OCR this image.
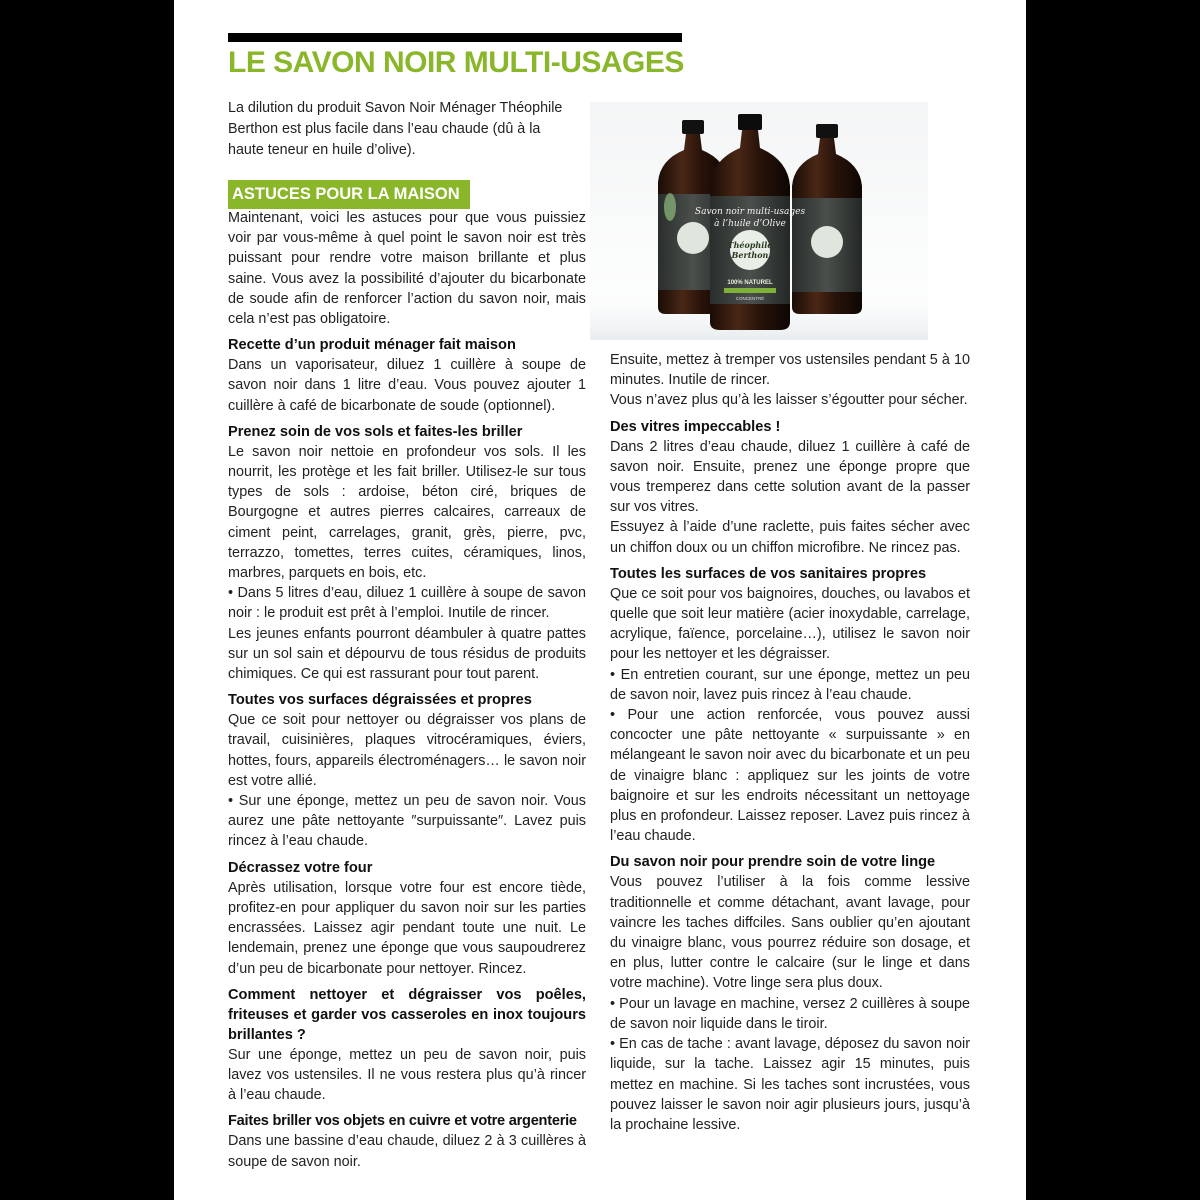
LE SAVON NOIR MULTI-USAGES

La dilution du produit Savon Noir Ménager Théophile Berthon est plus facile dans l’eau chaude (dû à la haute teneur en huile d’olive).

ASTUCES POUR LA MAISON
Savon noir multi-usages
à l’huile d’Olive
Théophile
Berthon
100% NATUREL
CONCENTRÉ

Maintenant, voici les astuces pour que vous puissiez voir par vous-même à quel point le savon noir est très puissant pour rendre votre maison brillante et plus saine. Vous avez la possibilité d’ajouter du bicarbonate de soude afin de renforcer l’action du savon noir, mais cela n’est pas obligatoire.

Recette d’un produit ménager fait maison

Dans un vaporisateur, diluez 1 cuillère à soupe de savon noir dans 1 litre d’eau. Vous pouvez ajouter 1 cuillère à café de bicarbonate de soude (optionnel).

Prenez soin de vos sols et faites-les briller

Le savon noir nettoie en profondeur vos sols. Il les nourrit, les protège et les fait briller. Utilisez-le sur tous types de sols : ardoise, béton ciré, briques de Bourgogne et autres pierres calcaires, carreaux de ciment peint, carrelages, granit, grès, pierre, pvc, terrazzo, tomettes, terres cuites, céramiques, linos, marbres, parquets en bois, etc.

• Dans 5 litres d’eau, diluez 1 cuillère à soupe de savon noir : le produit est prêt à l’emploi. Inutile de rincer.

Les jeunes enfants pourront déambuler à quatre pattes sur un sol sain et dépourvu de tous résidus de produits chimiques. Ce qui est rassurant pour tout parent.

Toutes vos surfaces dégraissées et propres

Que ce soit pour nettoyer ou dégraisser vos plans de travail, cuisinières, plaques vitrocéramiques, éviers, hottes, fours, appareils électroménagers… le savon noir est votre allié.

• Sur une éponge, mettez un peu de savon noir. Vous aurez une pâte nettoyante ″surpuissante″. Lavez puis rincez à l’eau chaude.

Décrassez votre four

Après utilisation, lorsque votre four est encore tiède, profitez-en pour appliquer du savon noir sur les parties encrassées. Laissez agir pendant toute une nuit. Le lendemain, prenez une éponge que vous saupoudrerez d’un peu de bicarbonate pour nettoyer. Rincez.

Comment nettoyer et dégraisser vos poêles, friteuses et garder vos casseroles en inox toujours brillantes ?

Sur une éponge, mettez un peu de savon noir, puis lavez vos ustensiles. Il ne vous restera plus qu’à rincer à l’eau chaude.

Faites briller vos objets en cuivre et votre argenterie

Dans une bassine d’eau chaude, diluez 2 à 3 cuillères à soupe de savon noir.

Ensuite, mettez à tremper vos ustensiles pendant 5 à 10 minutes. Inutile de rincer.

Vous n’avez plus qu’à les laisser s’égoutter pour sécher.

Des vitres impeccables !

Dans 2 litres d’eau chaude, diluez 1 cuillère à café de savon noir. Ensuite, prenez une éponge propre que vous tremperez dans cette solution avant de la passer sur vos vitres.

Essuyez à l’aide d’une raclette, puis faites sécher avec un chiffon doux ou un chiffon microfibre. Ne rincez pas.

Toutes les surfaces de vos sanitaires propres

Que ce soit pour vos baignoires, douches, ou lavabos et quelle que soit leur matière (acier inoxydable, carrelage, acrylique, faïence, porcelaine…), utilisez le savon noir pour les nettoyer et les dégraisser.

• En entretien courant, sur une éponge, mettez un peu de savon noir, lavez puis rincez à l’eau chaude.

• Pour une action renforcée, vous pouvez aussi concocter une pâte nettoyante « surpuissante » en mélangeant le savon noir avec du bicarbonate et un peu de vinaigre blanc : appliquez sur les joints de votre baignoire et sur les endroits nécessitant un nettoyage plus en profondeur. Laissez reposer. Lavez puis rincez à l’eau chaude.

Du savon noir pour prendre soin de votre linge

Vous pouvez l’utiliser à la fois comme lessive traditionnelle et comme détachant, avant lavage, pour vaincre les taches diffciles. Sans oublier qu’en ajoutant du vinaigre blanc, vous pourrez réduire son dosage, et en plus, lutter contre le calcaire (sur le linge et dans votre machine). Votre linge sera plus doux.

• Pour un lavage en machine, versez 2 cuillères à soupe de savon noir liquide dans le tiroir.

• En cas de tache : avant lavage, déposez du savon noir liquide, sur la tache. Laissez agir 15 minutes, puis mettez en machine. Si les taches sont incrustées, vous pouvez laisser le savon noir agir plusieurs jours, jusqu’à la prochaine lessive.
